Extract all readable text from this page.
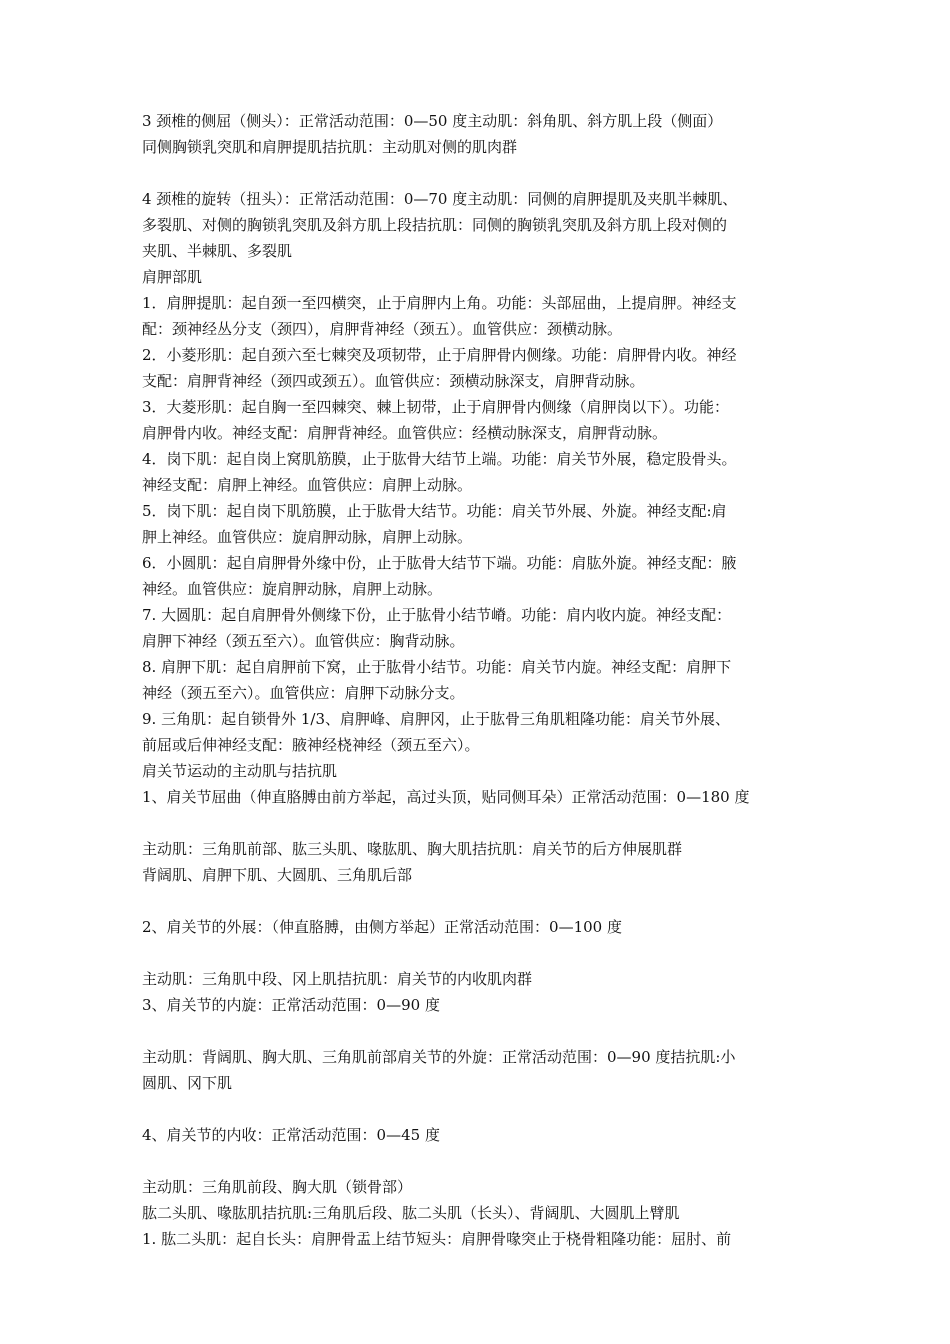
3 颈椎的侧屈（侧头）：正常活动范围：0—50 度主动肌：斜角肌、斜方肌上段（侧面）
同侧胸锁乳突肌和肩胛提肌拮抗肌：主动肌对侧的肌肉群
4 颈椎的旋转（扭头）：正常活动范围：0—70 度主动肌：同侧的肩胛提肌及夹肌半棘肌、
多裂肌、对侧的胸锁乳突肌及斜方肌上段拮抗肌：同侧的胸锁乳突肌及斜方肌上段对侧的
夹肌、半棘肌、多裂肌
肩胛部肌
1．肩胛提肌：起自颈一至四横突，止于肩胛内上角。功能：头部屈曲，上提肩胛。神经支
配：颈神经丛分支（颈四），肩胛背神经（颈五）。血管供应：颈横动脉。
2．小菱形肌：起自颈六至七棘突及项韧带，止于肩胛骨内侧缘。功能：肩胛骨内收。神经
支配：肩胛背神经（颈四或颈五）。血管供应：颈横动脉深支，肩胛背动脉。
3．大菱形肌：起自胸一至四棘突、棘上韧带，止于肩胛骨内侧缘（肩胛岗以下）。功能：
肩胛骨内收。神经支配：肩胛背神经。血管供应：经横动脉深支，肩胛背动脉。
4．岗下肌：起自岗上窝肌筋膜，止于肱骨大结节上端。功能：肩关节外展，稳定股骨头。
神经支配：肩胛上神经。血管供应：肩胛上动脉。
5．岗下肌：起自岗下肌筋膜，止于肱骨大结节。功能：肩关节外展、外旋。神经支配:肩
胛上神经。血管供应：旋肩胛动脉，肩胛上动脉。
6．小圆肌：起自肩胛骨外缘中份，止于肱骨大结节下端。功能：肩肱外旋。神经支配：腋
神经。血管供应：旋肩胛动脉，肩胛上动脉。
7. 大圆肌：起自肩胛骨外侧缘下份，止于肱骨小结节嵴。功能：肩内收内旋。神经支配：
肩胛下神经（颈五至六）。血管供应：胸背动脉。
8. 肩胛下肌：起自肩胛前下窝，止于肱骨小结节。功能：肩关节内旋。神经支配：肩胛下
神经（颈五至六）。血管供应：肩胛下动脉分支。
9. 三角肌：起自锁骨外 1/3、肩胛峰、肩胛冈，止于肱骨三角肌粗隆功能：肩关节外展、
前屈或后伸神经支配：腋神经桡神经（颈五至六）。
肩关节运动的主动肌与拮抗肌
1、肩关节屈曲（伸直胳膊由前方举起，高过头顶，贴同侧耳朵）正常活动范围：0—180 度
主动肌：三角肌前部、肱三头肌、喙肱肌、胸大肌拮抗肌：肩关节的后方伸展肌群
背阔肌、肩胛下肌、大圆肌、三角肌后部
2、肩关节的外展：（伸直胳膊，由侧方举起）正常活动范围：0—100 度
主动肌：三角肌中段、冈上肌拮抗肌：肩关节的内收肌肉群
3、肩关节的内旋：正常活动范围：0—90 度
主动肌：背阔肌、胸大肌、三角肌前部肩关节的外旋：正常活动范围：0—90 度拮抗肌:小
圆肌、冈下肌
4、肩关节的内收：正常活动范围：0—45 度
主动肌：三角肌前段、胸大肌（锁骨部）
肱二头肌、喙肱肌拮抗肌:三角肌后段、肱二头肌（长头）、背阔肌、大圆肌上臂肌
1. 肱二头肌：起自长头：肩胛骨盂上结节短头：肩胛骨喙突止于桡骨粗隆功能：屈肘、前
